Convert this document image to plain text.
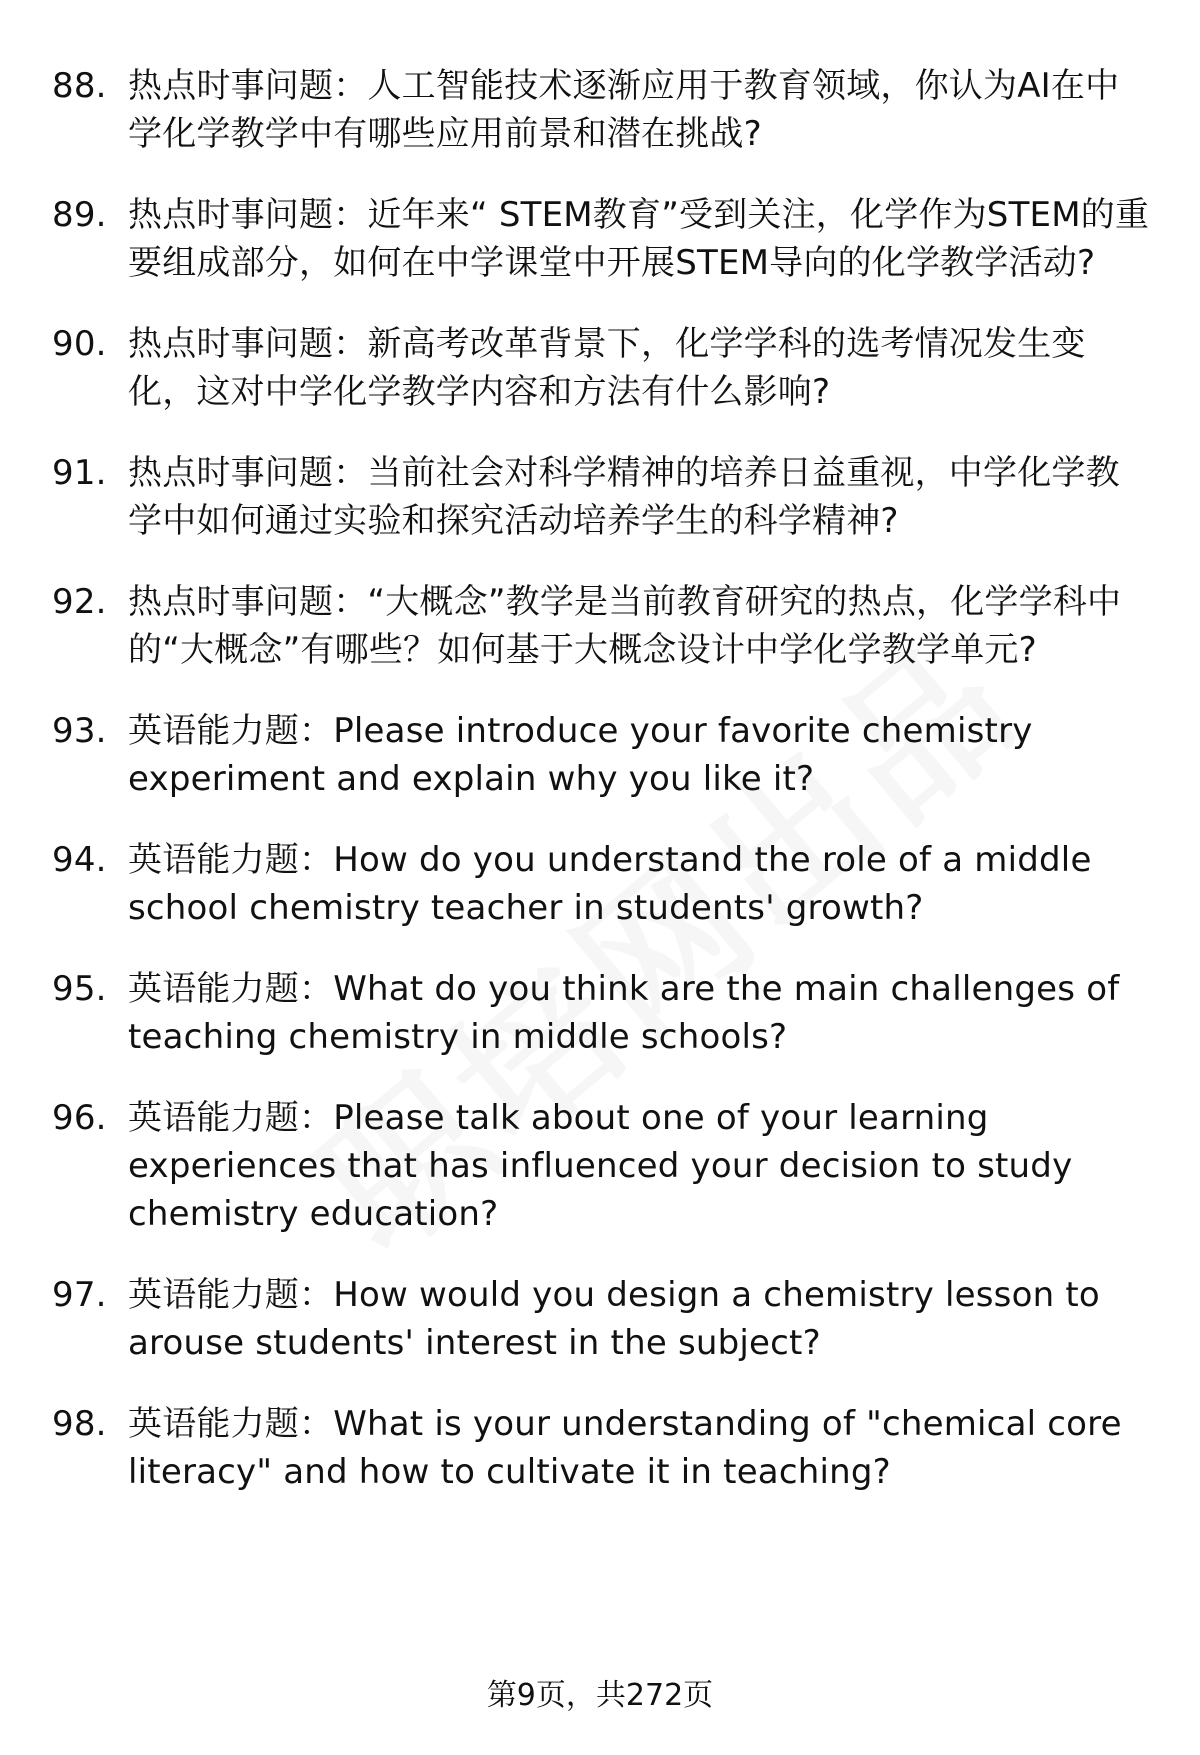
88. 热点时事问题：人工智能技术逐渐应用于教育领域，你认为AI在中学化学教学中有哪些应用前景和潜在挑战?
89. 热点时事问题：近年来“ STEM教育”受到关注，化学作为STEM的重要组成部分，如何在中学课堂中开展STEM导向的化学教学活动?
90. 热点时事问题：新高考改革背景下，化学学科的选考情况发生变化，这对中学化学教学内容和方法有什么影响?
91. 热点时事问题：当前社会对科学精神的培养日益重视，中学化学教学中如何通过实验和探究活动培养学生的科学精神?
92. 热点时事问题：“大概念”教学是当前教育研究的热点，化学学科中的“大概念”有哪些？如何基于大概念设计中学化学教学单元?
93. 英语能力题：Please introduce your favorite chemistry experiment and explain why you like it?
94. 英语能力题：How do you understand the role of a middle school chemistry teacher in students' growth?
95. 英语能力题：What do you think are the main challenges of teaching chemistry in middle schools?
96. 英语能力题：Please talk about one of your learning experiences that has influenced your decision to study chemistry education?
97. 英语能力题：How would you design a chemistry lesson to arouse students' interest in the subject?
98. 英语能力题：What is your understanding of "chemical core literacy" and how to cultivate it in teaching?
第9页，共272页
